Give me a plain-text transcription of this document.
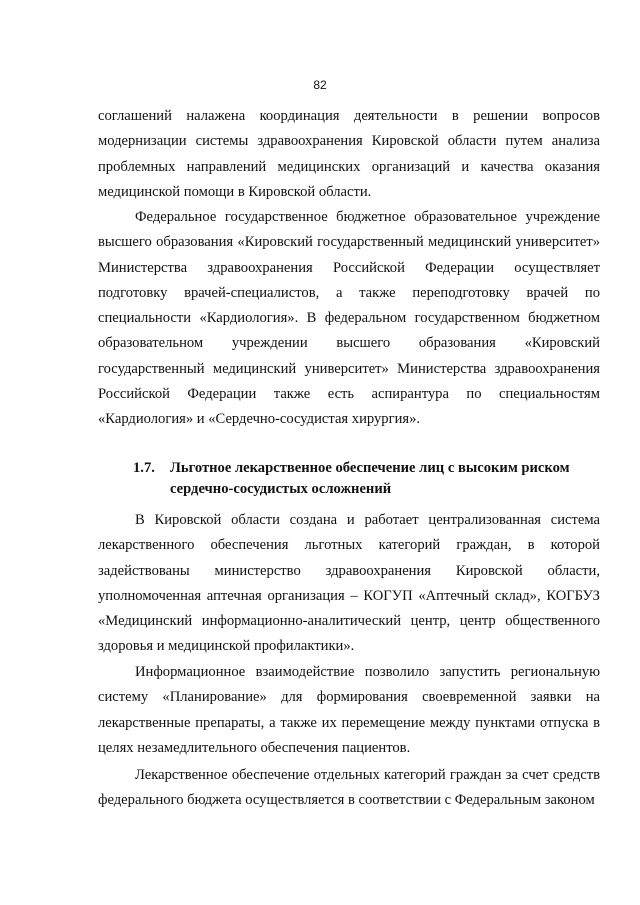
82

соглашений налажена координация деятельности в решении вопросов модернизации системы здравоохранения Кировской области путем анализа проблемных направлений медицинских организаций и качества оказания медицинской помощи в Кировской области.

Федеральное государственное бюджетное образовательное учреждение высшего образования «Кировский государственный медицинский университет» Министерства здравоохранения Российской Федерации осуществляет подготовку врачей-специалистов, а также переподготовку врачей по специальности «Кардиология». В федеральном государственном бюджетном образовательном учреждении высшего образования «Кировский государственный медицинский университет» Министерства здравоохранения Российской Федерации также есть аспирантура по специальностям «Кардиология» и «Сердечно-сосудистая хирургия».

1.7. Льготное лекарственное обеспечение лиц с высоким риском
сердечно-сосудистых осложнений

В Кировской области создана и работает централизованная система лекарственного обеспечения льготных категорий граждан, в которой задействованы министерство здравоохранения Кировской области, уполномоченная аптечная организация – КОГУП «Аптечный склад», КОГБУЗ «Медицинский информационно-аналитический центр, центр общественного здоровья и медицинской профилактики».

Информационное взаимодействие позволило запустить региональную систему «Планирование» для формирования своевременной заявки на лекарственные препараты, а также их перемещение между пунктами отпуска в целях незамедлительного обеспечения пациентов.

Лекарственное обеспечение отдельных категорий граждан за счет средств федерального бюджета осуществляется в соответствии с Федеральным законом
